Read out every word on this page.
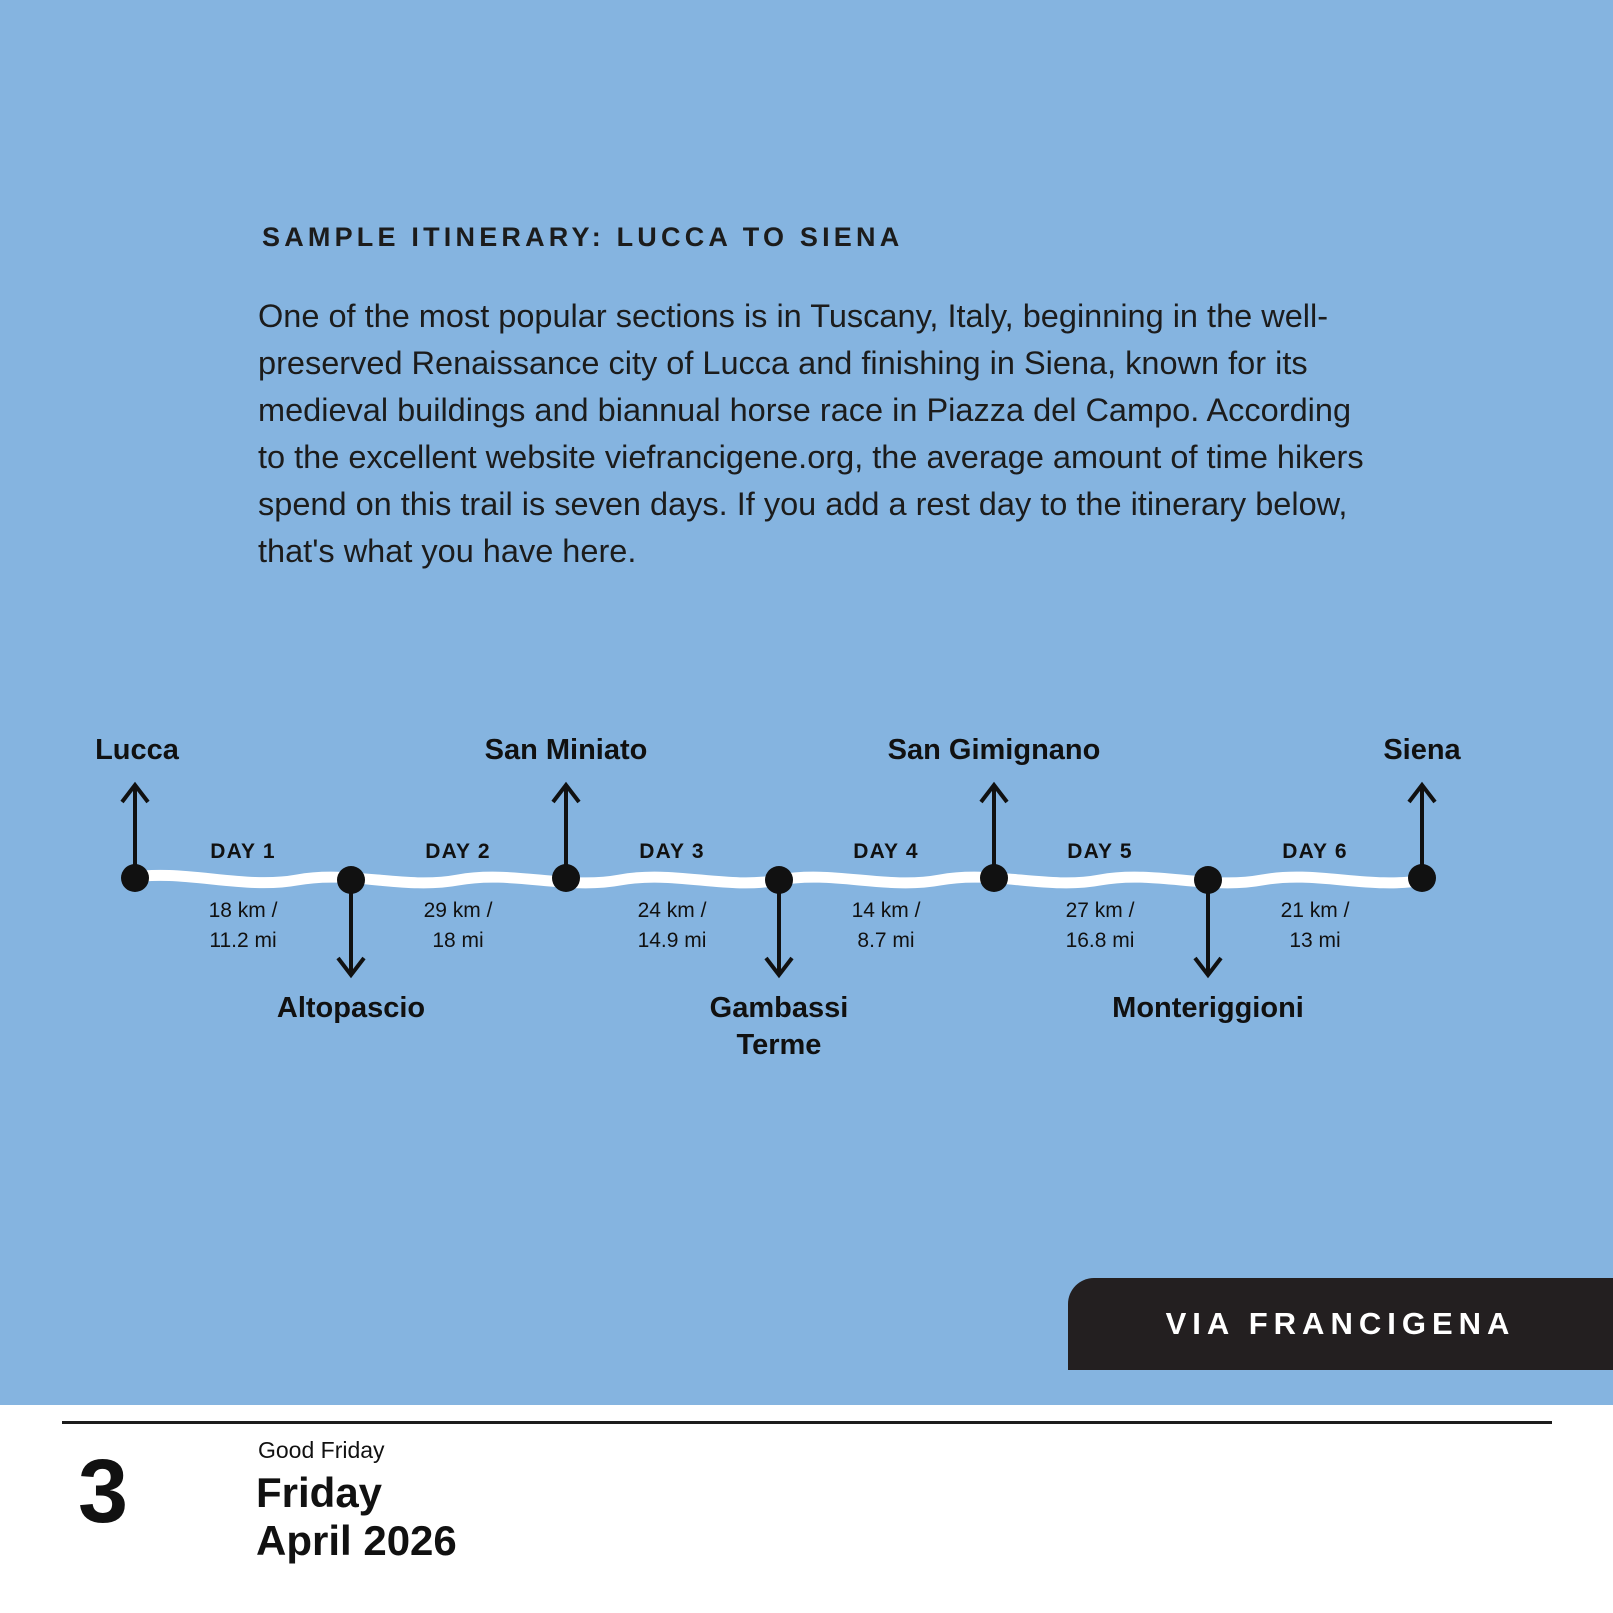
SAMPLE ITINERARY: LUCCA TO SIENA

One of the most popular sections is in Tuscany, Italy, beginning in the well-preserved Renaissance city of Lucca and finishing in Siena, known for its medieval buildings and biannual horse race in Piazza del Campo. According to the excellent website viefrancigene.org, the average amount of time hikers spend on this trail is seven days. If you add a rest day to the itinerary below, that's what you have here.

Lucca	San Miniato	San Gimignano	Siena
Altopascio	Gambassi Terme
Monteriggioni
DAY 1	DAY 2	DAY 3	DAY 4	DAY 5	DAY 6
18 km /
11.2 mi
29 km /
18 mi
24 km /
14.9 mi
14 km /
8.7 mi
27 km /
16.8 mi
21 km /
13 mi
VIA FRANCIGENA
3	Good Friday
Friday
April 2026
